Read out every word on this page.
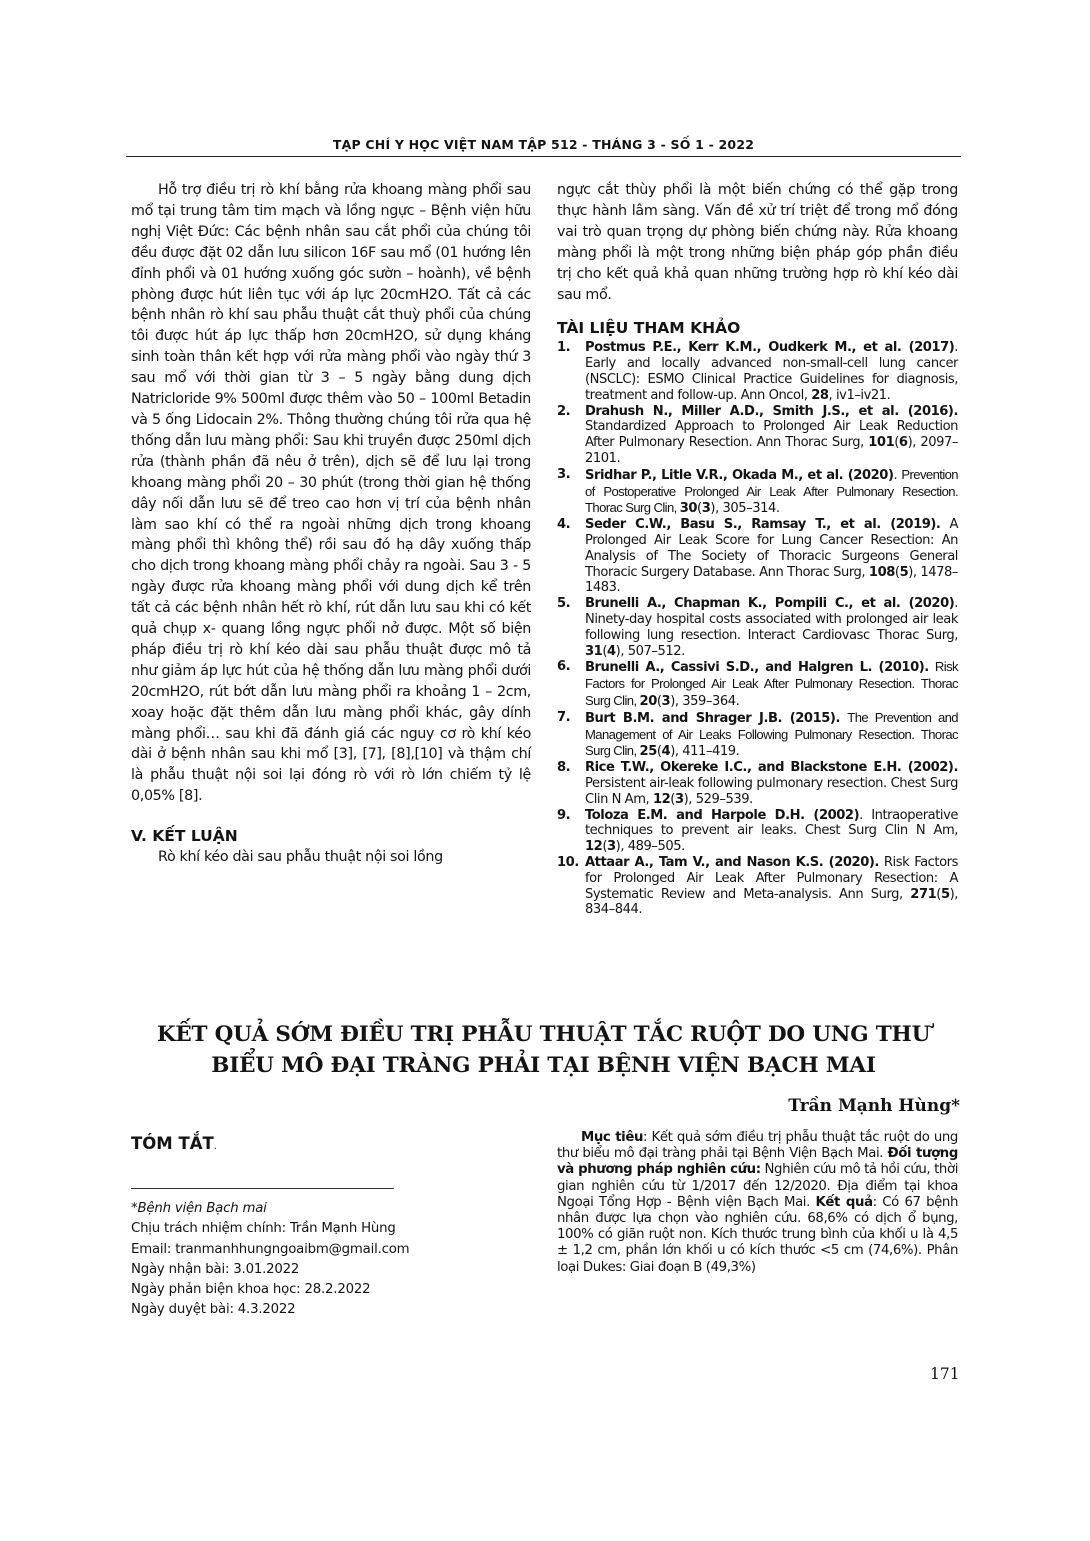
TẠP CHÍ Y HỌC VIỆT NAM TẬP 512 - THÁNG 3 - SỐ 1 - 2022

Hỗ trợ điều trị rò khí bằng rửa khoang màng phổi sau mổ tại trung tâm tim mạch và lồng ngực – Bệnh viện hữu nghị Việt Đức: Các bệnh nhân sau cắt phổi của chúng tôi đều được đặt 02 dẫn lưu silicon 16F sau mổ (01 hướng lên đỉnh phổi và 01 hướng xuống góc sườn – hoành), về bệnh phòng được hút liên tục với áp lực 20cmH2O. Tất cả các bệnh nhân rò khí sau phẫu thuật cắt thuỳ phổi của chúng tôi được hút áp lực thấp hơn 20cmH2O, sử dụng kháng sinh toàn thân kết hợp với rửa màng phổi vào ngày thứ 3 sau mổ với thời gian từ 3 – 5 ngày bằng dung dịch Natricloride 9% 500ml được thêm vào 50 – 100ml Betadin và 5 ống Lidocain 2%. Thông thường chúng tôi rửa qua hệ thống dẫn lưu màng phổi: Sau khi truyền được 250ml dịch rửa (thành phần đã nêu ở trên), dịch sẽ để lưu lại trong khoang màng phổi 20 – 30 phút (trong thời gian hệ thống dây nối dẫn lưu sẽ để treo cao hơn vị trí của bệnh nhân làm sao khí có thể ra ngoài những dịch trong khoang màng phổi thì không thể) rồi sau đó hạ dây xuống thấp cho dịch trong khoang màng phổi chảy ra ngoài. Sau 3 - 5 ngày được rửa khoang màng phổi với dung dịch kể trên tất cả các bệnh nhân hết rò khí, rút dẫn lưu sau khi có kết quả chụp x- quang lồng ngực phổi nở được. Một số biện pháp điều trị rò khí kéo dài sau phẫu thuật được mô tả như giảm áp lực hút của hệ thống dẫn lưu màng phổi dưới 20cmH2O, rút bớt dẫn lưu màng phổi ra khoảng 1 – 2cm, xoay hoặc đặt thêm dẫn lưu màng phổi khác, gây dính màng phổi… sau khi đã đánh giá các nguy cơ rò khí kéo dài ở bệnh nhân sau khi mổ [3], [7], [8],[10] và thậm chí là phẫu thuật nội soi lại đóng rò với rò lớn chiếm tỷ lệ 0,05% [8].

V. KẾT LUẬN

Rò khí kéo dài sau phẫu thuật nội soi lồng

ngực cắt thùy phổi là một biến chứng có thể gặp trong thực hành lâm sàng. Vấn đề xử trí triệt để trong mổ đóng vai trò quan trọng dự phòng biến chứng này. Rửa khoang màng phổi là một trong những biện pháp góp phần điều trị cho kết quả khả quan những trường hợp rò khí kéo dài sau mổ.

TÀI LIỆU THAM KHẢO
1. Postmus P.E., Kerr K.M., Oudkerk M., et al. (2017). Early and locally advanced non-small-cell lung cancer (NSCLC): ESMO Clinical Practice Guidelines for diagnosis, treatment and follow-up. Ann Oncol, 28, iv1–iv21.
2. Drahush N., Miller A.D., Smith J.S., et al. (2016). Standardized Approach to Prolonged Air Leak Reduction After Pulmonary Resection. Ann Thorac Surg, 101(6), 2097–2101.
3. Sridhar P., Litle V.R., Okada M., et al. (2020). Prevention of Postoperative Prolonged Air Leak After Pulmonary Resection. Thorac Surg Clin, 30(3), 305–314.
4. Seder C.W., Basu S., Ramsay T., et al. (2019). A Prolonged Air Leak Score for Lung Cancer Resection: An Analysis of The Society of Thoracic Surgeons General Thoracic Surgery Database. Ann Thorac Surg, 108(5), 1478–1483.
5. Brunelli A., Chapman K., Pompili C., et al. (2020). Ninety-day hospital costs associated with prolonged air leak following lung resection. Interact Cardiovasc Thorac Surg, 31(4), 507–512.
6. Brunelli A., Cassivi S.D., and Halgren L. (2010). Risk Factors for Prolonged Air Leak After Pulmonary Resection. Thorac Surg Clin, 20(3), 359–364.
7. Burt B.M. and Shrager J.B. (2015). The Prevention and Management of Air Leaks Following Pulmonary Resection. Thorac Surg Clin, 25(4), 411–419.
8. Rice T.W., Okereke I.C., and Blackstone E.H. (2002). Persistent air-leak following pulmonary resection. Chest Surg Clin N Am, 12(3), 529–539.
9. Toloza E.M. and Harpole D.H. (2002). Intraoperative techniques to prevent air leaks. Chest Surg Clin N Am, 12(3), 489–505.
10. Attaar A., Tam V., and Nason K.S. (2020). Risk Factors for Prolonged Air Leak After Pulmonary Resection: A Systematic Review and Meta-analysis. Ann Surg, 271(5), 834–844.
KẾT QUẢ SỚM ĐIỀU TRỊ PHẪU THUẬT TẮC RUỘT DO UNG THƯ
BIỂU MÔ ĐẠI TRÀNG PHẢI TẠI BỆNH VIỆN BẠCH MAI
Trần Mạnh Hùng*
TÓM TẮT.
*Bệnh viện Bạch mai
Chịu trách nhiệm chính: Trần Mạnh Hùng
Email: tranmanhhungngoaibm@gmail.com
Ngày nhận bài: 3.01.2022
Ngày phản biện khoa học: 28.2.2022
Ngày duyệt bài: 4.3.2022
Mục tiêu: Kết quả sớm điều trị phẫu thuật tắc ruột do ung thư biểu mô đại tràng phải tại Bệnh Viện Bạch Mai. Đối tượng và phương pháp nghiên cứu: Nghiên cứu mô tả hồi cứu, thời gian nghiên cứu từ 1/2017 đến 12/2020. Địa điểm tại khoa Ngoại Tổng Hợp - Bệnh viện Bạch Mai. Kết quả: Có 67 bệnh nhân được lựa chọn vào nghiên cứu. 68,6% có dịch ổ bụng, 100% có giãn ruột non. Kích thước trung bình của khối u là 4,5 ± 1,2 cm, phần lớn khối u có kích thước <5 cm (74,6%). Phân loại Dukes: Giai đoạn B (49,3%)
171
